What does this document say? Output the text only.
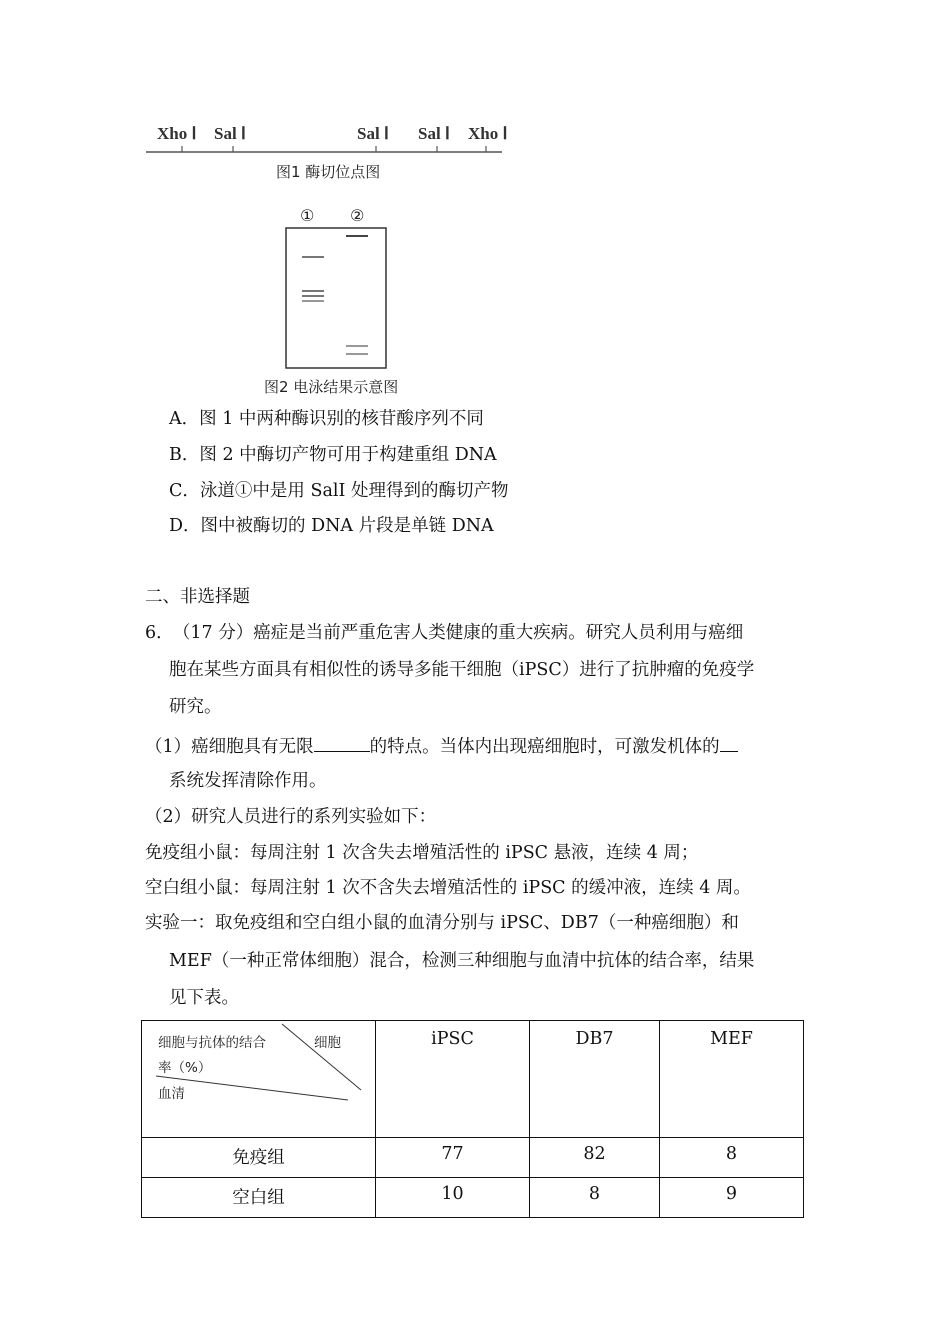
Xho Ⅰ Sal Ⅰ	Sal Ⅰ Sal Ⅰ Xho Ⅰ
图1 酶切位点图
① ②
图2 电泳结果示意图
A．图 1 中两种酶识别的核苷酸序列不同
B．图 2 中酶切产物可用于构建重组 DNA
C．泳道①中是用 SalI 处理得到的酶切产物
D．图中被酶切的 DNA 片段是单链 DNA
二、非选择题
6． （17 分）癌症是当前严重危害人类健康的重大疾病。研究人员利用与癌细
胞在某些方面具有相似性的诱导多能干细胞（iPSC）进行了抗肿瘤的免疫学
研究。
（1）癌细胞具有无限	的特点。当体内出现癌细胞时，可激发机体的
系统发挥清除作用。
（2）研究人员进行的系列实验如下：
免疫组小鼠：每周注射 1 次含失去增殖活性的 iPSC 悬液，连续 4 周；
空白组小鼠：每周注射 1 次不含失去增殖活性的 iPSC 的缓冲液，连续 4 周。
实验一：取免疫组和空白组小鼠的血清分别与 iPSC、DB7（一种癌细胞）和
MEF（一种正常体细胞）混合，检测三种细胞与血清中抗体的结合率，结果
见下表。
细胞与抗体的结合
率（%）
细胞
血清	iPSC	DB7	MEF
免疫组	77	82	8
空白组	10	8	9
